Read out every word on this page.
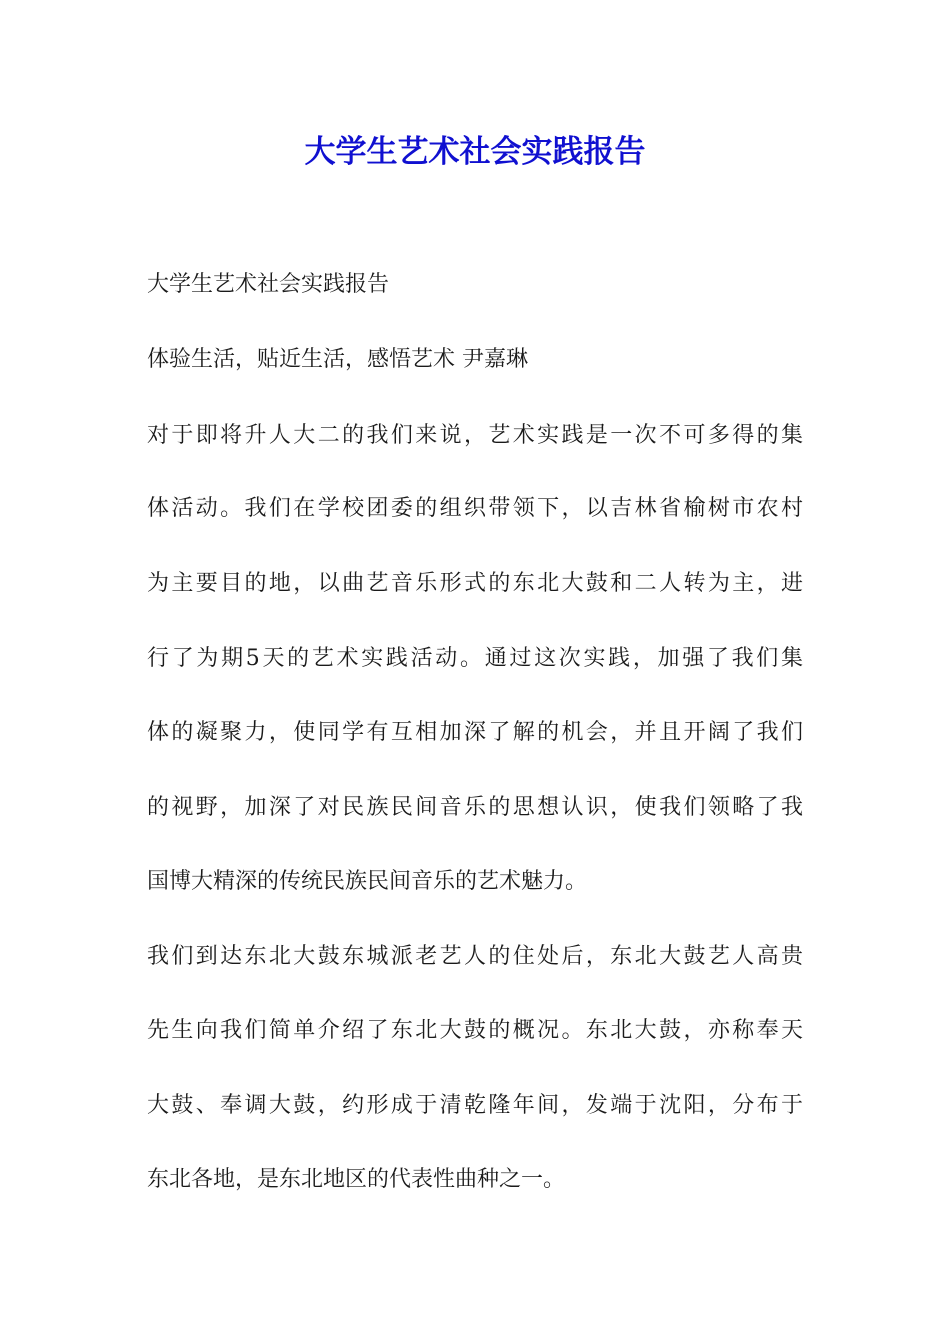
大学生艺术社会实践报告

大学生艺术社会实践报告

体验生活，贴近生活，感悟艺术 尹嘉琳

对于即将升人大二的我们来说，艺术实践是一次不可多得的集

体活动。我们在学校团委的组织带领下，以吉林省榆树市农村

为主要目的地，以曲艺音乐形式的东北大鼓和二人转为主，进

行了为期5天的艺术实践活动。通过这次实践，加强了我们集

体的凝聚力，使同学有互相加深了解的机会，并且开阔了我们

的视野，加深了对民族民间音乐的思想认识，使我们领略了我

国博大精深的传统民族民间音乐的艺术魅力。

我们到达东北大鼓东城派老艺人的住处后，东北大鼓艺人高贵

先生向我们简单介绍了东北大鼓的概况。东北大鼓，亦称奉天

大鼓、奉调大鼓，约形成于清乾隆年间，发端于沈阳，分布于

东北各地，是东北地区的代表性曲种之一。
